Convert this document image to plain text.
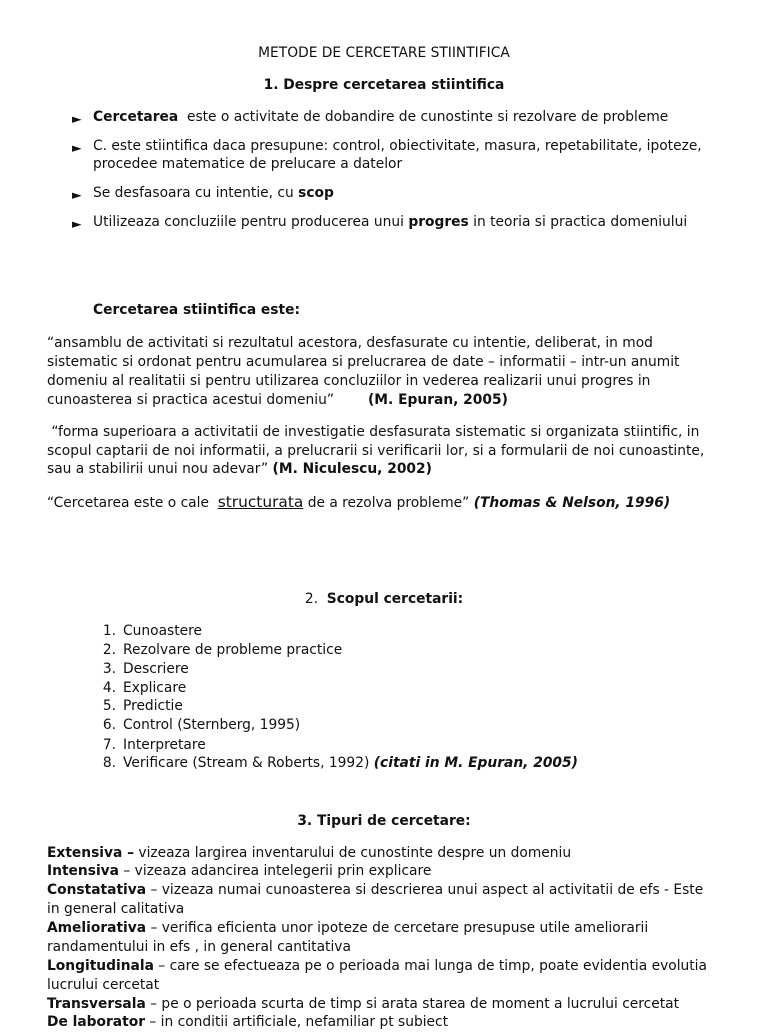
METODE DE CERCETARE STIINTIFICA
1. Despre cercetarea stiintifica
► Cercetarea  este o activitate de dobandire de cunostinte si rezolvare de probleme
► C. este stiintifica daca presupune: control, obiectivitate, masura, repetabilitate, ipoteze,
procedee matematice de prelucare a datelor
► Se desfasoara cu intentie, cu scop
► Utilizeaza concluziile pentru producerea unui progres in teoria si practica domeniului
Cercetarea stiintifica este:
“ansamblu de activitati si rezultatul acestora, desfasurate cu intentie, deliberat, in mod
sistematic si ordonat pentru acumularea si prelucrarea de date – informatii – intr-un anumit
domeniu al realitatii si pentru utilizarea concluziilor in vederea realizarii unui progres in
cunoasterea si practica acestui domeniu” (M. Epuran, 2005)
“forma superioara a activitatii de investigatie desfasurata sistematic si organizata stiintific, in
scopul captarii de noi informatii, a prelucrarii si verificarii lor, si a formularii de noi cunoastinte,
sau a stabilirii unui nou adevar” (M. Niculescu, 2002)
“Cercetarea este o cale  structurata de a rezolva probleme” (Thomas & Nelson, 1996)
2. Scopul cercetarii:
1. Cunoastere
2. Rezolvare de probleme practice
3. Descriere
4. Explicare
5. Predictie
6. Control (Sternberg, 1995)
7. Interpretare
8. Verificare (Stream & Roberts, 1992) (citati in M. Epuran, 2005)
3. Tipuri de cercetare:
Extensiva – vizeaza largirea inventarului de cunostinte despre un domeniu
Intensiva – vizeaza adancirea intelegerii prin explicare
Constatativa – vizeaza numai cunoasterea si descrierea unui aspect al activitatii de efs - Este
in general calitativa
Ameliorativa – verifica eficienta unor ipoteze de cercetare presupuse utile ameliorarii
randamentului in efs , in general cantitativa
Longitudinala – care se efectueaza pe o perioada mai lunga de timp, poate evidentia evolutia
lucrului cercetat
Transversala – pe o perioada scurta de timp si arata starea de moment a lucrului cercetat
De laborator – in conditii artificiale, nefamiliar pt subiect
